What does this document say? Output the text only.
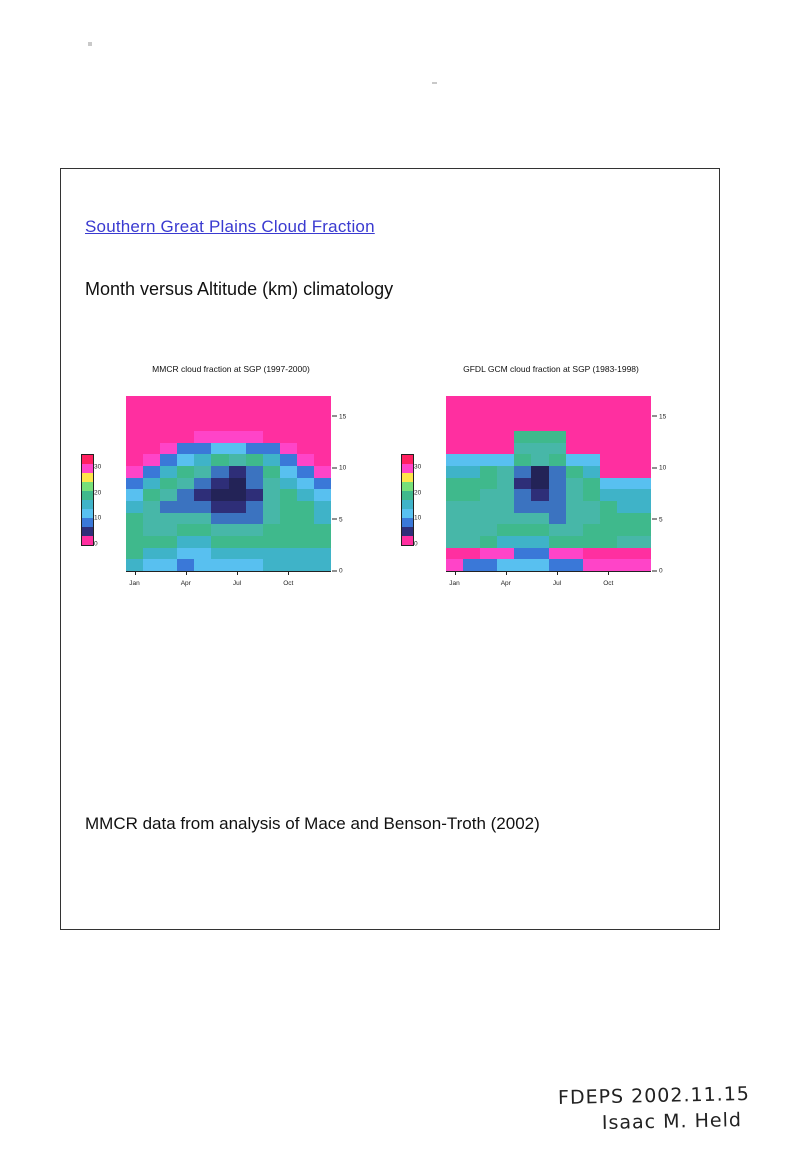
Southern Great Plains Cloud Fraction
Month versus Altitude (km) climatology
MMCR cloud fraction at SGP (1997-2000)
0
10
20
30
0
5
10
15
Jan	Apr	Jul	Oct
GFDL GCM cloud fraction at SGP (1983-1998)
0
10
20
30
0
5
10
15
Jan	Apr	Jul	Oct
MMCR data from analysis of Mace and Benson-Troth (2002)
FDEPS 2002.11.15
Isaac M. Held
